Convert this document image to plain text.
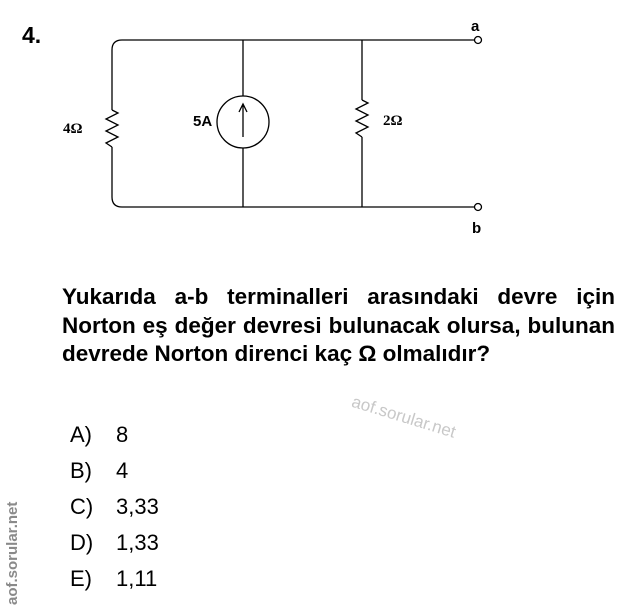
4.	a
b
4Ω	5A	2Ω
Yukarıda a-b terminalleri arasındaki devre için Norton eş değer devresi bulunacak olursa, bulunan devrede Norton direnci kaç Ω olmalıdır?
A)	8
B)	4
C)	3,33
D)	1,33
E)	1,11
aof.sorular.net
aof.sorular.net
